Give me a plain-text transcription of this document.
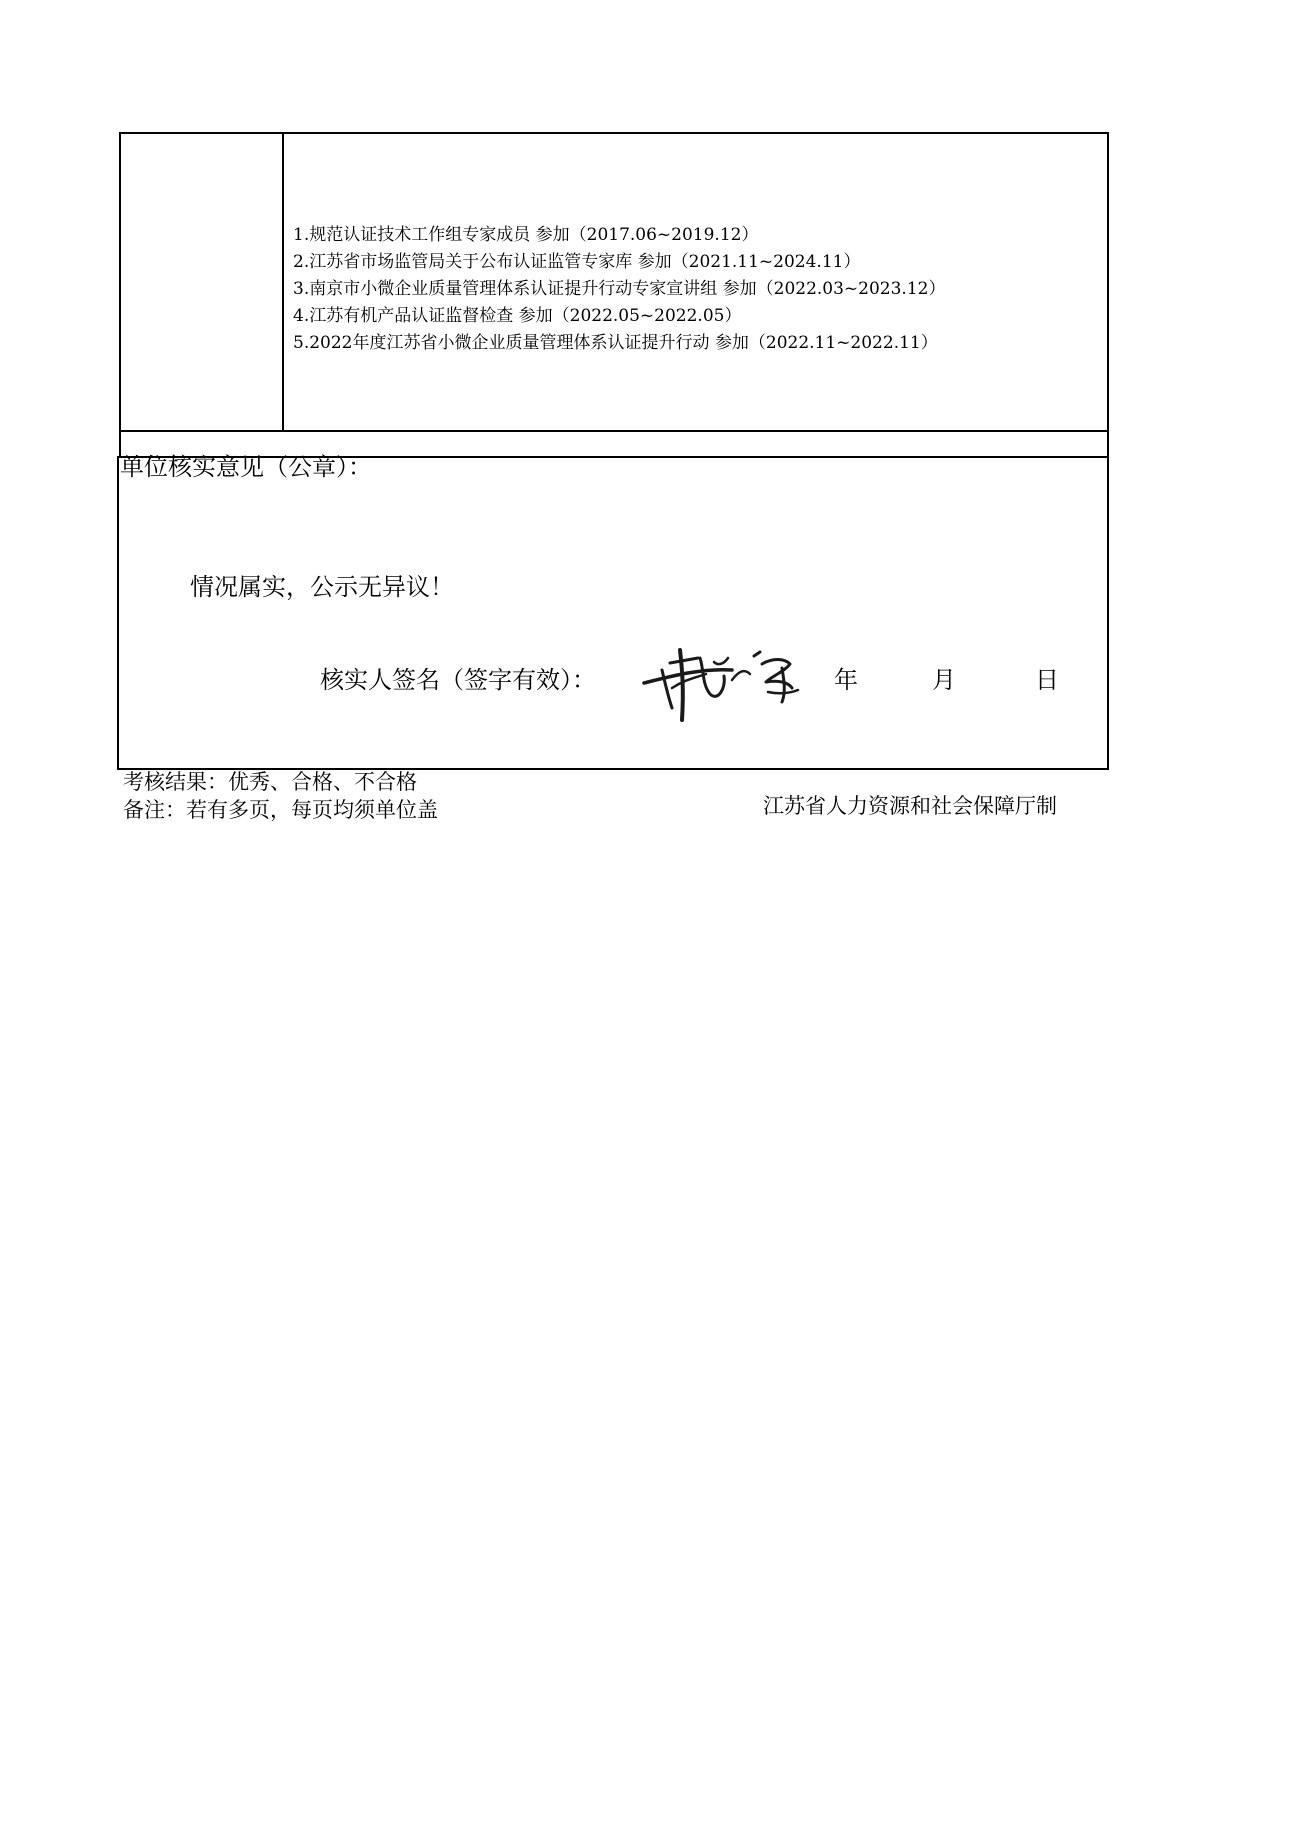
1.规范认证技术工作组专家成员 参加（2017.06~2019.12）
2.江苏省市场监管局关于公布认证监管专家库 参加（2021.11~2024.11）
3.南京市小微企业质量管理体系认证提升行动专家宣讲组 参加（2022.03~2023.12）
4.江苏有机产品认证监督检查 参加（2022.05~2022.05）
5.2022年度江苏省小微企业质量管理体系认证提升行动 参加（2022.11~2022.11）
单位核实意见（公章）：
情况属实，公示无异议！
核实人签名（签字有效）：	年	月	日
考核结果：优秀、合格、不合格
备注：若有多页，每页均须单位盖	江苏省人力资源和社会保障厅制
